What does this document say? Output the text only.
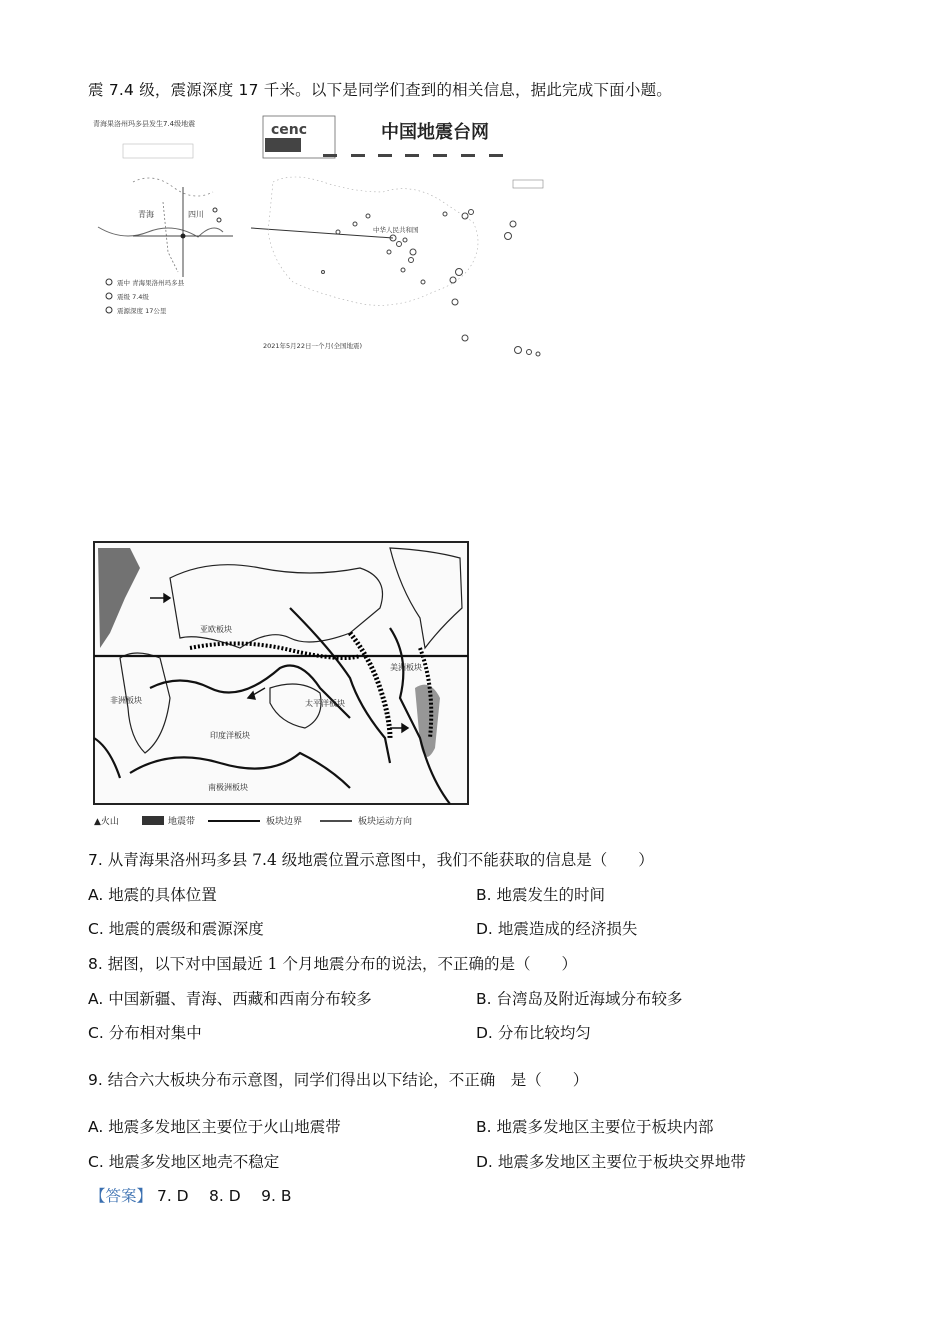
震 7.4 级，震源深度 17 千米。以下是同学们查到的相关信息，据此完成下面小题。
青海果洛州玛多县发生7.4级地震
青海	四川
震中 青海果洛州玛多县
震级 7.4级
震源深度 17公里
cenc	中国地震台网
中华人民共和国
2021年5月22日一个月(全国地震)
亚欧板块
太平洋板块
非洲板块
印度洋板块
南极洲板块
美洲板块
▲火山	地震带	板块边界	板块运动方向
7. 从青海果洛州玛多县 7.4 级地震位置示意图中，我们不能获取的信息是（　　）
A. 地震的具体位置	B. 地震发生的时间
C. 地震的震级和震源深度	D. 地震造成的经济损失
8. 据图，以下对中国最近 1 个月地震分布的说法，不正确的是（　　）
A. 中国新疆、青海、西藏和西南分布较多	B. 台湾岛及附近海域分布较多
C. 分布相对集中	D. 分布比较均匀
9. 结合六大板块分布示意图，同学们得出以下结论，不正确　是（　　）
A. 地震多发地区主要位于火山地震带	B. 地震多发地区主要位于板块内部
C. 地震多发地区地壳不稳定	D. 地震多发地区主要位于板块交界地带
【答案】 7. D　 8. D　 9. B
